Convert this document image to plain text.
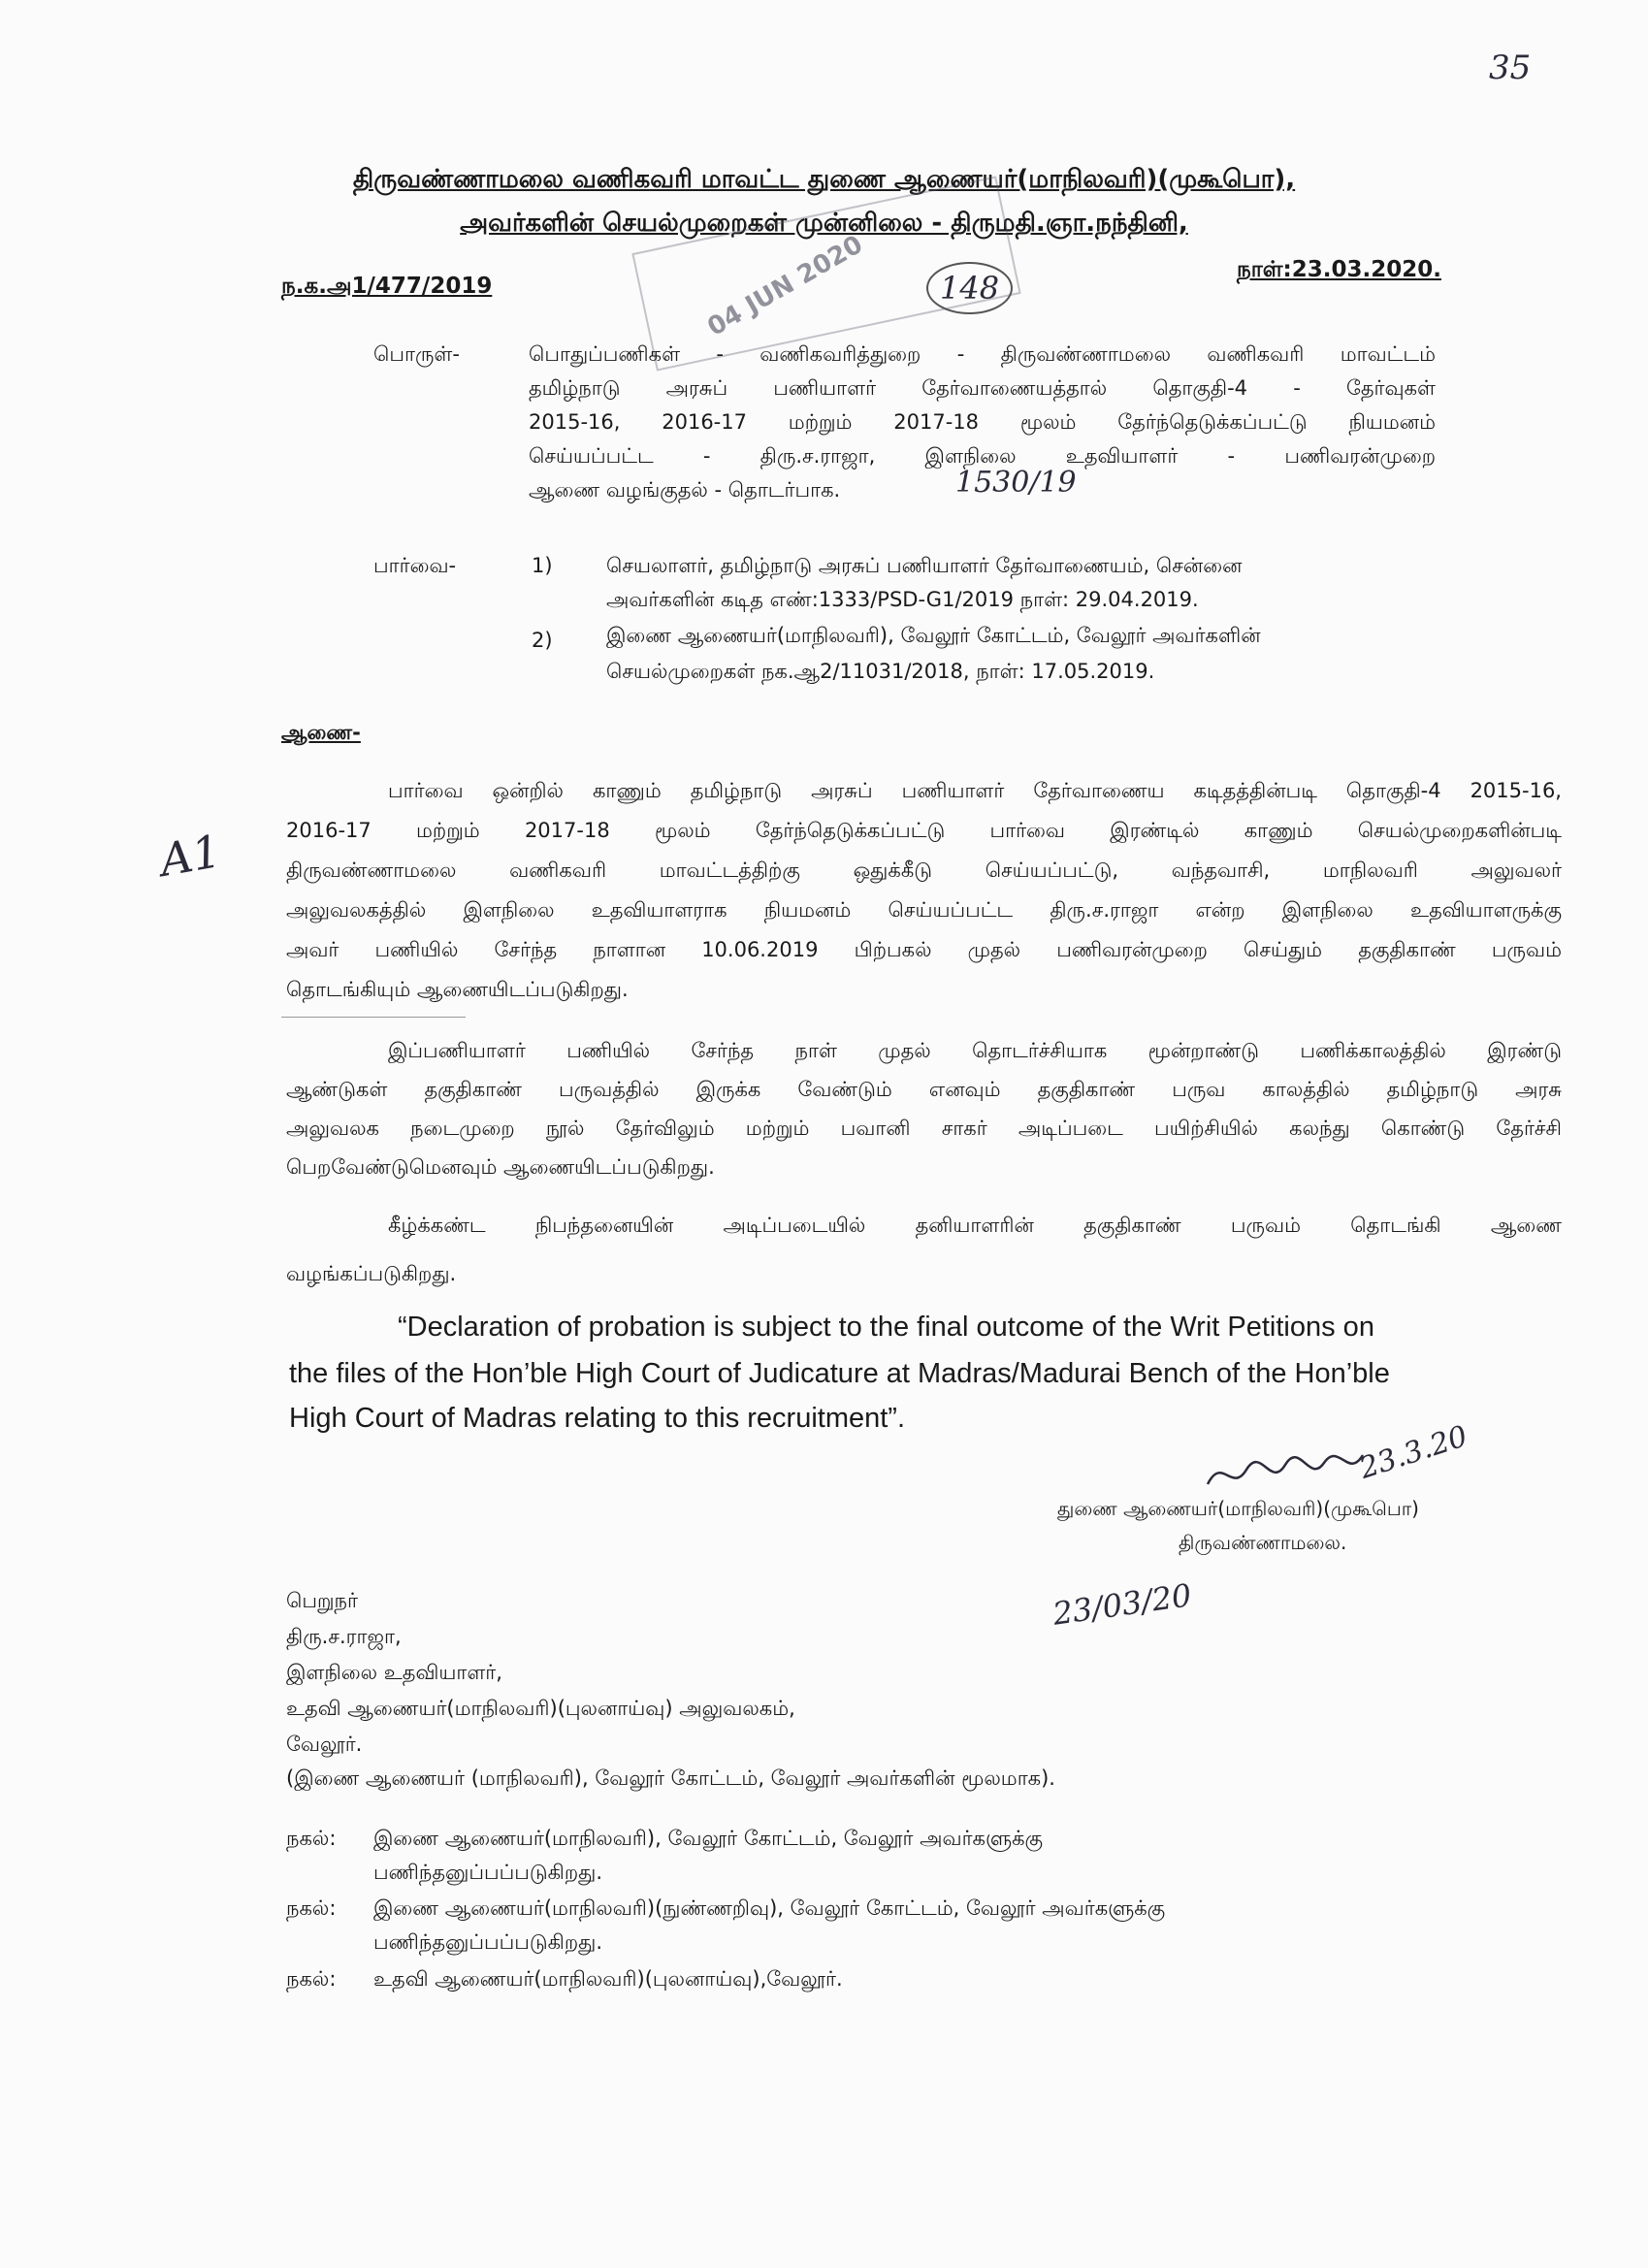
35
திருவண்ணாமலை வணிகவரி மாவட்ட துணை ஆணையர்(மாநிலவரி)(முகூபொ),
அவர்களின் செயல்முறைகள் முன்னிலை - திருமதி.ஞா.நந்தினி,
04 JUN 2020	148
ந.க.அ1/477/2019
நாள்:23.03.2020.
பொருள்-	பொதுப்பணிகள் - வணிகவரித்துறை - திருவண்ணாமலை வணிகவரி மாவட்டம்
தமிழ்நாடு அரசுப் பணியாளர் தேர்வாணையத்தால் தொகுதி-4 - தேர்வுகள்
2015-16, 2016-17 மற்றும் 2017-18 மூலம் தேர்ந்தெடுக்கப்பட்டு நியமனம்
செய்யப்பட்ட - திரு.ச.ராஜா, இளநிலை உதவியாளர் - பணிவரன்முறை
ஆணை வழங்குதல் - தொடர்பாக.	1530/19
பார்வை-	1)	செயலாளர், தமிழ்நாடு அரசுப் பணியாளர் தேர்வாணையம், சென்னை
அவர்களின் கடித எண்:1333/PSD-G1/2019 நாள்: 29.04.2019.
2)	இணை ஆணையர்(மாநிலவரி), வேலூர் கோட்டம், வேலூர் அவர்களின்
செயல்முறைகள் நக.ஆ2/11031/2018, நாள்: 17.05.2019.
ஆணை-
A1
பார்வை ஒன்றில் காணும் தமிழ்நாடு அரசுப் பணியாளர் தேர்வாணைய கடிதத்தின்படி தொகுதி-4 2015-16,
2016-17 மற்றும் 2017-18 மூலம் தேர்ந்தெடுக்கப்பட்டு பார்வை இரண்டில் காணும் செயல்முறைகளின்படி
திருவண்ணாமலை வணிகவரி மாவட்டத்திற்கு ஒதுக்கீடு செய்யப்பட்டு, வந்தவாசி, மாநிலவரி அலுவலர்
அலுவலகத்தில் இளநிலை உதவியாளராக நியமனம் செய்யப்பட்ட திரு.ச.ராஜா என்ற இளநிலை உதவியாளருக்கு
அவர் பணியில் சேர்ந்த நாளான 10.06.2019 பிற்பகல் முதல் பணிவரன்முறை செய்தும் தகுதிகாண் பருவம்
தொடங்கியும் ஆணையிடப்படுகிறது.
இப்பணியாளர் பணியில் சேர்ந்த நாள் முதல் தொடர்ச்சியாக மூன்றாண்டு பணிக்காலத்தில் இரண்டு
ஆண்டுகள் தகுதிகாண் பருவத்தில் இருக்க வேண்டும் எனவும் தகுதிகாண் பருவ காலத்தில் தமிழ்நாடு அரசு
அலுவலக நடைமுறை நூல் தேர்விலும் மற்றும் பவானி சாகர் அடிப்படை பயிற்சியில் கலந்து கொண்டு தேர்ச்சி
பெறவேண்டுமெனவும் ஆணையிடப்படுகிறது.
கீழ்க்கண்ட நிபந்தனையின் அடிப்படையில் தனியாளரின் தகுதிகாண் பருவம் தொடங்கி ஆணை
வழங்கப்படுகிறது.
“Declaration of probation is subject to the final outcome of the Writ Petitions on
the files of the Hon’ble High Court of Judicature at Madras/Madurai Bench of the Hon’ble
High Court of Madras relating to this recruitment”.
23.3.20
துணை ஆணையர்(மாநிலவரி)(முகூபொ)
திருவண்ணாமலை.
23/03/20
பெறுநர்
திரு.ச.ராஜா,
இளநிலை உதவியாளர்,
உதவி ஆணையர்(மாநிலவரி)(புலனாய்வு) அலுவலகம்,
வேலூர்.
(இணை ஆணையர் (மாநிலவரி), வேலூர் கோட்டம், வேலூர் அவர்களின் மூலமாக).
நகல்: இணை ஆணையர்(மாநிலவரி), வேலூர் கோட்டம், வேலூர் அவர்களுக்கு
பணிந்தனுப்பப்படுகிறது.
நகல்: இணை ஆணையர்(மாநிலவரி)(நுண்ணறிவு), வேலூர் கோட்டம், வேலூர் அவர்களுக்கு
பணிந்தனுப்பப்படுகிறது.
நகல்: உதவி ஆணையர்(மாநிலவரி)(புலனாய்வு),வேலூர்.
